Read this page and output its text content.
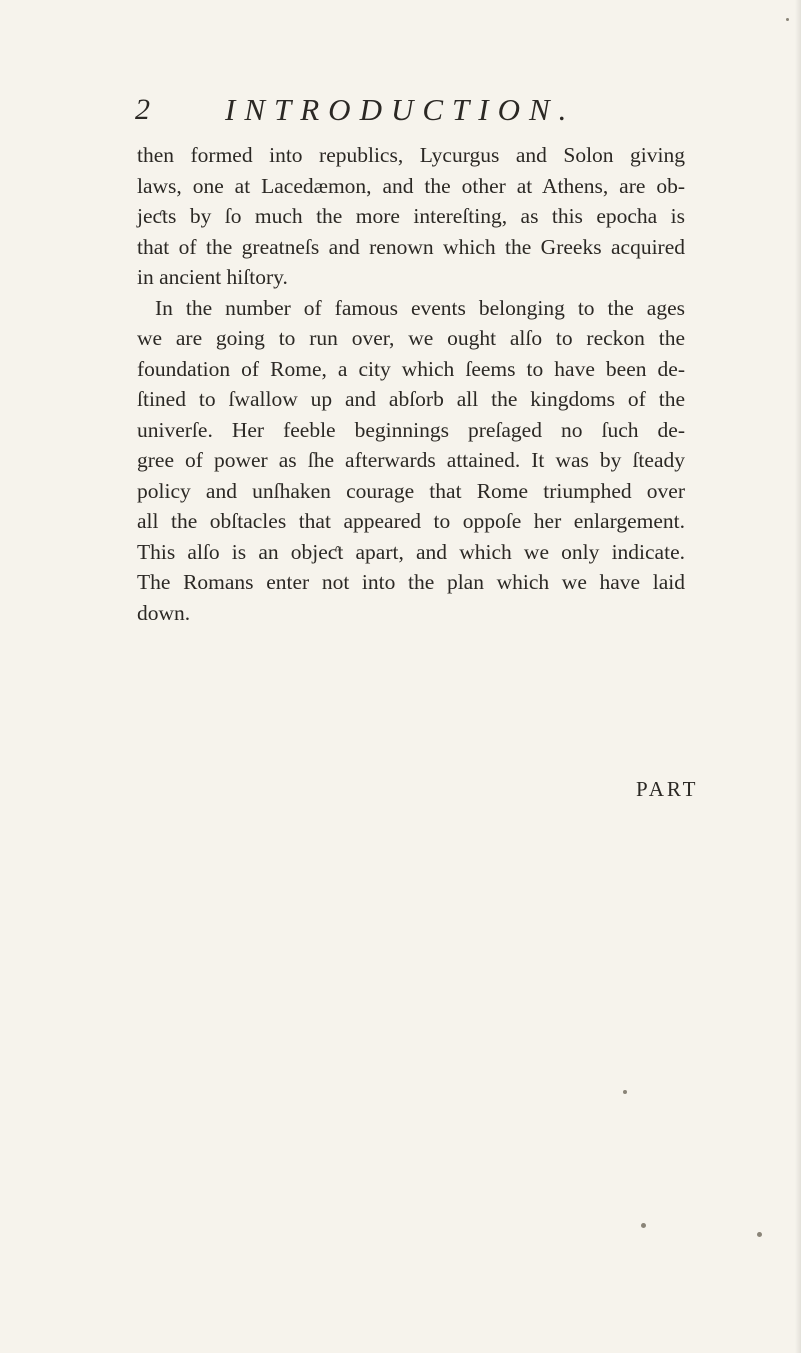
2 INTRODUCTION.
then formed into republics, Lycurgus and Solon giving
laws, one at Lacedæmon, and the other at Athens, are ob-
jeƈts by ſo much the more intereſting, as this epocha is
that of the greatneſs and renown which the Greeks acquired
in ancient hiſtory.
In the number of famous events belonging to the ages
we are going to run over, we ought alſo to reckon the
foundation of Rome, a city which ſeems to have been de-
ſtined to ſwallow up and abſorb all the kingdoms of the
univerſe. Her feeble beginnings preſaged no ſuch de-
gree of power as ſhe afterwards attained. It was by ſteady
policy and unſhaken courage that Rome triumphed over
all the obſtacles that appeared to oppoſe her enlargement.
This alſo is an objeƈt apart, and which we only indicate.
The Romans enter not into the plan which we have laid
down.
PART
